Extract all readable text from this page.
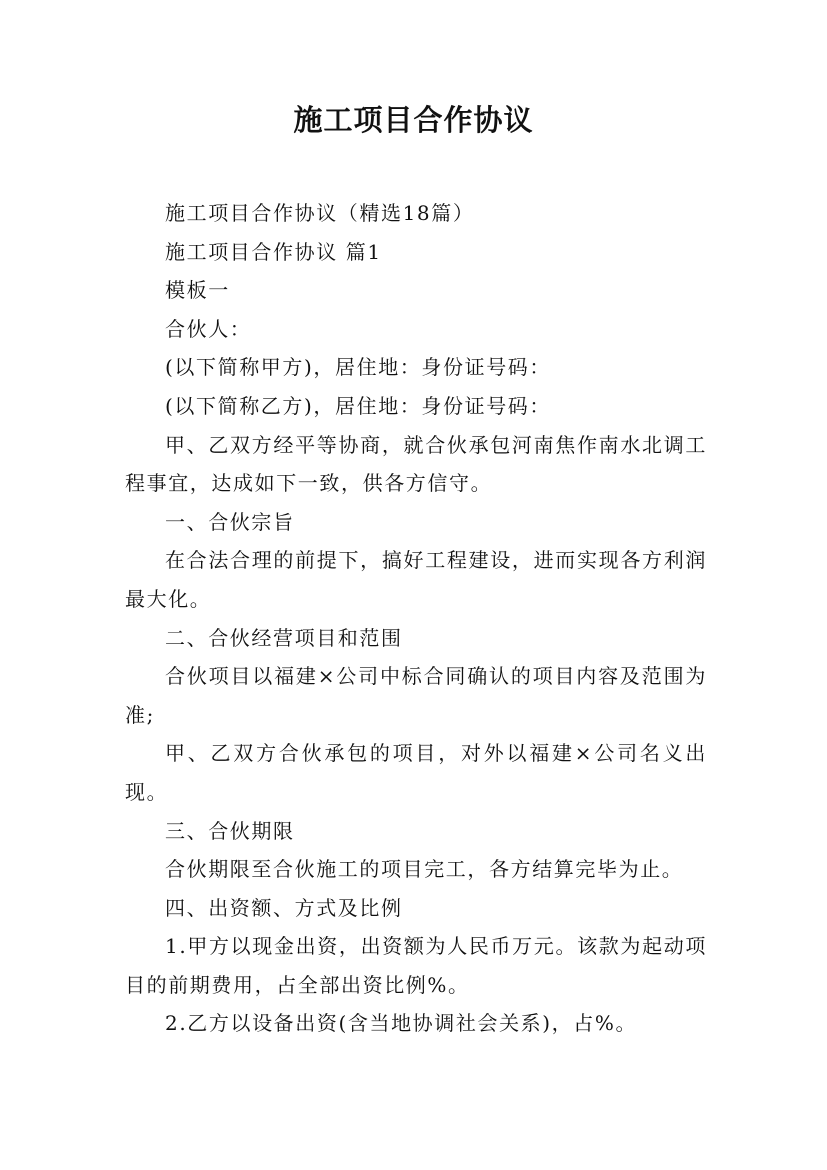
施工项目合作协议

施工项目合作协议（精选18篇）

施工项目合作协议 篇1

模板一

合伙人：

(以下简称甲方)，居住地：身份证号码：

(以下简称乙方)，居住地：身份证号码：

甲、乙双方经平等协商，就合伙承包河南焦作南水北调工程事宜，达成如下一致，供各方信守。

一、合伙宗旨

在合法合理的前提下，搞好工程建设，进而实现各方利润最大化。

二、合伙经营项目和范围

合伙项目以福建×公司中标合同确认的项目内容及范围为准;

甲、乙双方合伙承包的项目，对外以福建×公司名义出现。

三、合伙期限

合伙期限至合伙施工的项目完工，各方结算完毕为止。

四、出资额、方式及比例

1.甲方以现金出资，出资额为人民币万元。该款为起动项目的前期费用，占全部出资比例%。

2.乙方以设备出资(含当地协调社会关系)，占%。
